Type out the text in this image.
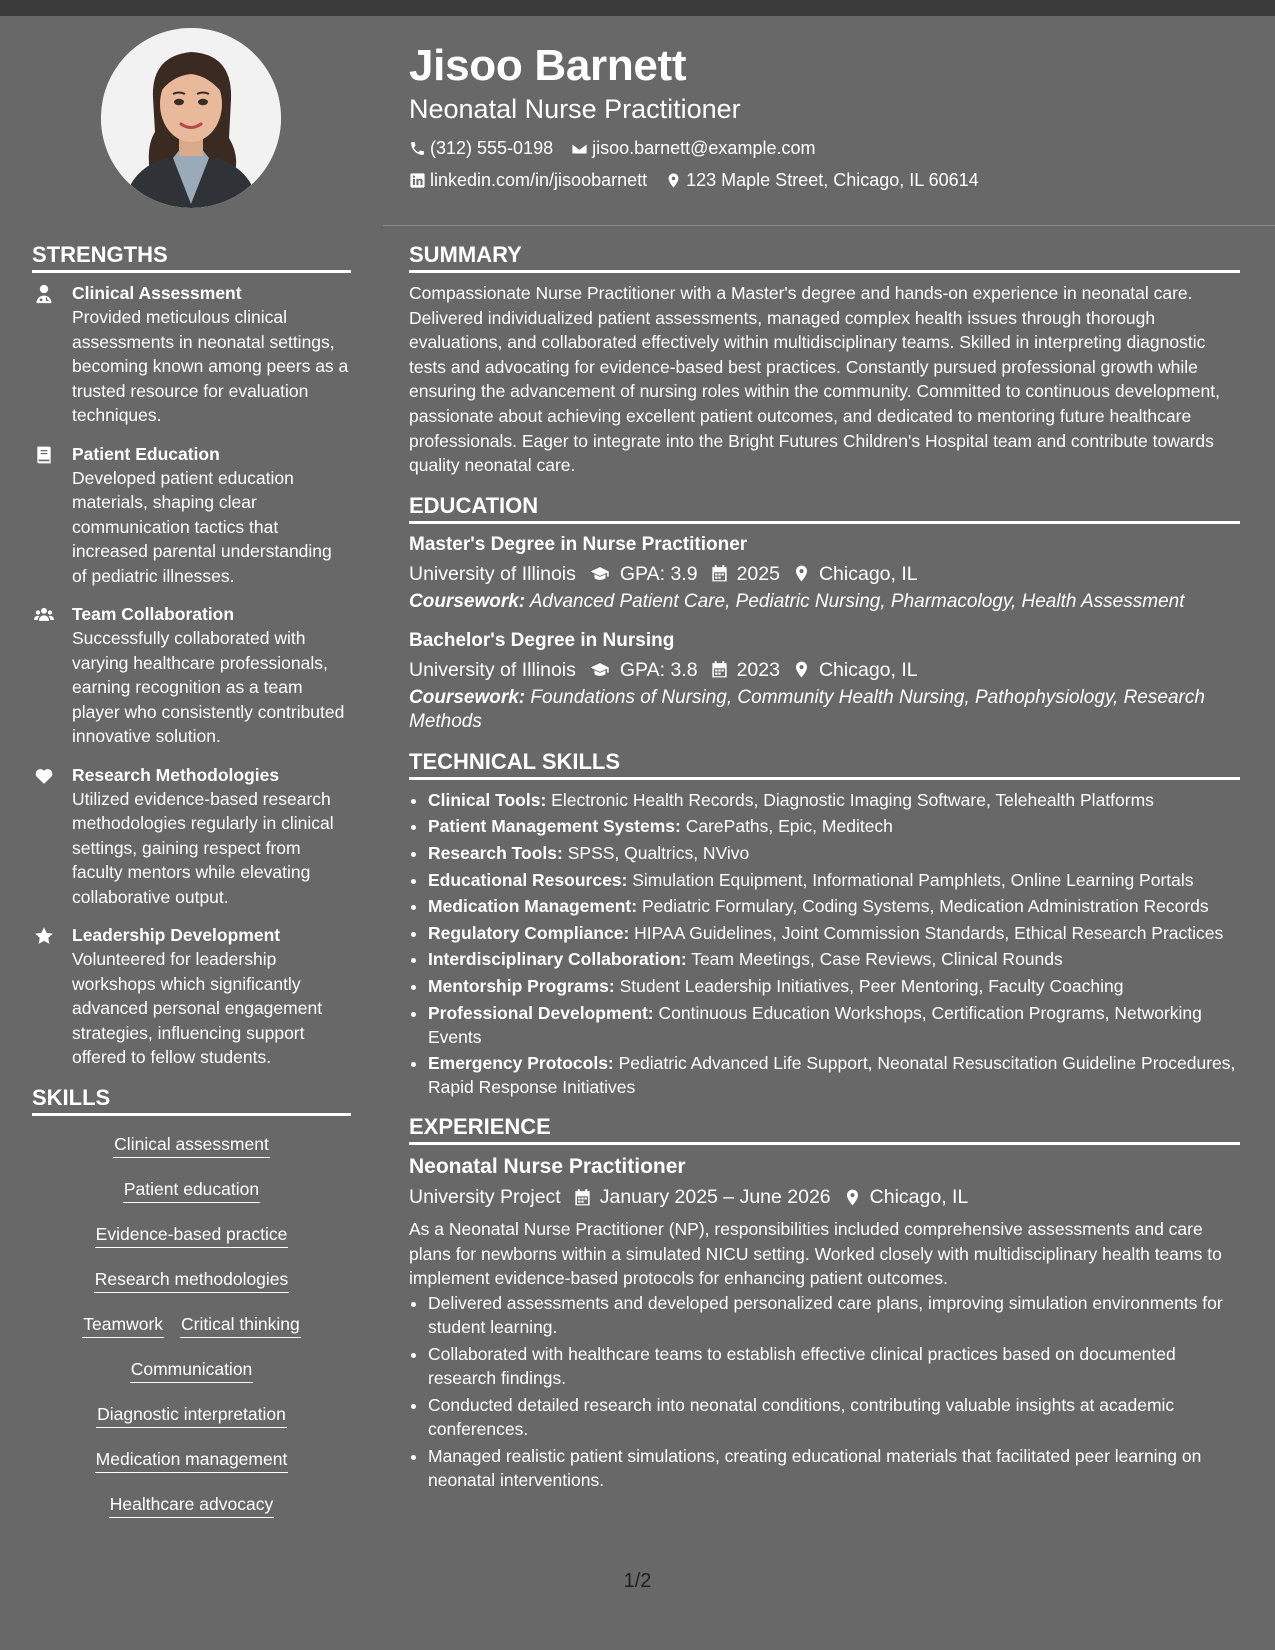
Jisoo Barnett
Neonatal Nurse Practitioner
(312) 555-0198 jisoo.barnett@example.com
linkedin.com/in/jisoobarnett 123 Maple Street, Chicago, IL 60614
STRENGTHS
Clinical Assessment
Provided meticulous clinical assessments in neonatal settings, becoming known among peers as a trusted resource for evaluation techniques.
Patient Education
Developed patient education materials, shaping clear communication tactics that increased parental understanding of pediatric illnesses.
Team Collaboration
Successfully collaborated with varying healthcare professionals, earning recognition as a team player who consistently contributed innovative solution.
Research Methodologies
Utilized evidence-based research methodologies regularly in clinical settings, gaining respect from faculty mentors while elevating collaborative output.
Leadership Development
Volunteered for leadership workshops which significantly advanced personal engagement strategies, influencing support offered to fellow students.
SKILLS
Clinical assessment
Patient education
Evidence-based practice
Research methodologies
Teamwork Critical thinking
Communication
Diagnostic interpretation
Medication management
Healthcare advocacy
SUMMARY

Compassionate Nurse Practitioner with a Master's degree and hands-on experience in neonatal care. Delivered individualized patient assessments, managed complex health issues through thorough evaluations, and collaborated effectively within multidisciplinary teams. Skilled in interpreting diagnostic tests and advocating for evidence-based best practices. Constantly pursued professional growth while ensuring the advancement of nursing roles within the community. Committed to continuous development, passionate about achieving excellent patient outcomes, and dedicated to mentoring future healthcare professionals. Eager to integrate into the Bright Futures Children's Hospital team and contribute towards quality neonatal care.

EDUCATION
Master's Degree in Nurse Practitioner
University of Illinois GPA: 3.9 2025 Chicago, IL
Coursework: Advanced Patient Care, Pediatric Nursing, Pharmacology, Health Assessment
Bachelor's Degree in Nursing
University of Illinois GPA: 3.8 2023 Chicago, IL
Coursework: Foundations of Nursing, Community Health Nursing, Pathophysiology, Research Methods
TECHNICAL SKILLS
• Clinical Tools: Electronic Health Records, Diagnostic Imaging Software, Telehealth Platforms
• Patient Management Systems: CarePaths, Epic, Meditech
• Research Tools: SPSS, Qualtrics, NVivo
• Educational Resources: Simulation Equipment, Informational Pamphlets, Online Learning Portals
• Medication Management: Pediatric Formulary, Coding Systems, Medication Administration Records
• Regulatory Compliance: HIPAA Guidelines, Joint Commission Standards, Ethical Research Practices
• Interdisciplinary Collaboration: Team Meetings, Case Reviews, Clinical Rounds
• Mentorship Programs: Student Leadership Initiatives, Peer Mentoring, Faculty Coaching
• Professional Development: Continuous Education Workshops, Certification Programs, Networking Events
• Emergency Protocols: Pediatric Advanced Life Support, Neonatal Resuscitation Guideline Procedures, Rapid Response Initiatives
EXPERIENCE
Neonatal Nurse Practitioner
University Project January 2025 – June 2026 Chicago, IL

As a Neonatal Nurse Practitioner (NP), responsibilities included comprehensive assessments and care plans for newborns within a simulated NICU setting. Worked closely with multidisciplinary health teams to implement evidence-based protocols for enhancing patient outcomes.

• Delivered assessments and developed personalized care plans, improving simulation environments for student learning.
• Collaborated with healthcare teams to establish effective clinical practices based on documented research findings.
• Conducted detailed research into neonatal conditions, contributing valuable insights at academic conferences.
• Managed realistic patient simulations, creating educational materials that facilitated peer learning on neonatal interventions.
1/2
